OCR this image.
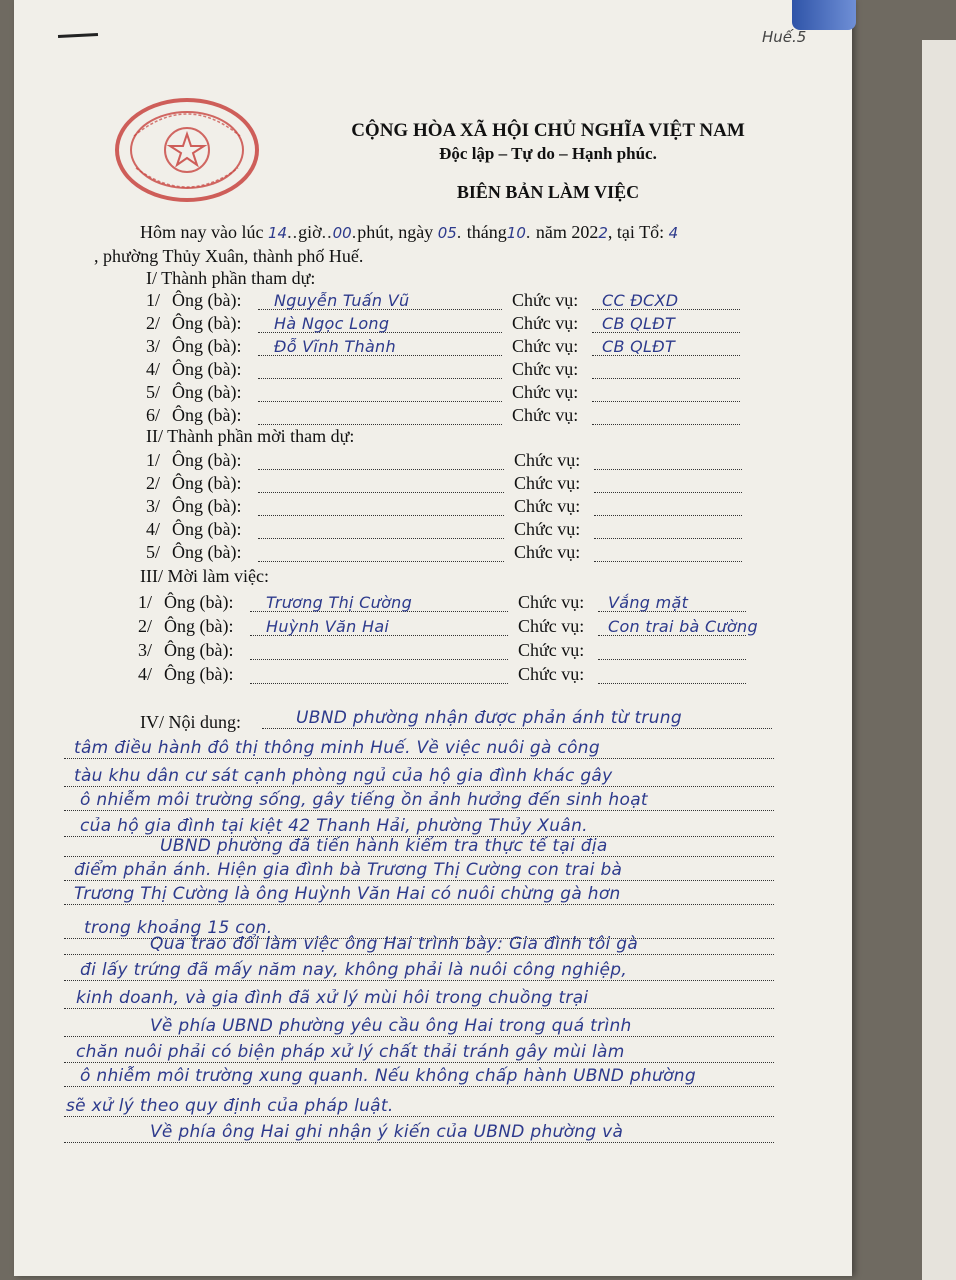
Huế.5
CỘNG HÒA XÃ HỘI CHỦ NGHĨA VIỆT NAM
Độc lập – Tự do – Hạnh phúc.
BIÊN BẢN LÀM VIỆC
Hôm nay vào lúc 14..giờ..00.phút, ngày 05. tháng10. năm 2022, tại Tổ: 4
, phường Thủy Xuân, thành phố Huế.
I/ Thành phần tham dự:
1/ Ông (bà): Nguyễn Tuấn Vũ	Chức vụ: CC ĐCXD
2/ Ông (bà): Hà Ngọc Long	Chức vụ: CB QLĐT
3/ Ông (bà): Đỗ Vĩnh Thành	Chức vụ: CB QLĐT
4/ Ông (bà):	Chức vụ:
5/ Ông (bà):	Chức vụ:
6/ Ông (bà):	Chức vụ:
II/ Thành phần mời tham dự:
1/ Ông (bà):	Chức vụ:
2/ Ông (bà):	Chức vụ:
3/ Ông (bà):	Chức vụ:
4/ Ông (bà):	Chức vụ:
5/ Ông (bà):	Chức vụ:
III/ Mời làm việc:
1/ Ông (bà): Trương Thị Cường	Chức vụ: Vắng mặt
2/ Ông (bà): Huỳnh Văn Hai	Chức vụ: Con trai bà Cường
3/ Ông (bà):	Chức vụ:
4/ Ông (bà):	Chức vụ:
IV/ Nội dung:	UBND phường nhận được phản ánh từ trung
tâm điều hành đô thị thông minh Huế. Về việc nuôi gà công
tàu khu dân cư sát cạnh phòng ngủ của hộ gia đình khác gây
ô nhiễm môi trường sống, gây tiếng ồn ảnh hưởng đến sinh hoạt
của hộ gia đình tại kiệt 42 Thanh Hải, phường Thủy Xuân.
UBND phường đã tiến hành kiểm tra thực tế tại địa
điểm phản ánh. Hiện gia đình bà Trương Thị Cường con trai bà
Trương Thị Cường là ông Huỳnh Văn Hai có nuôi chừng gà hơn
trong khoảng 15 con.
Qua trao đổi làm việc ông Hai trình bày: Gia đình tôi gà
đi lấy trứng đã mấy năm nay, không phải là nuôi công nghiệp,
kinh doanh, và gia đình đã xử lý mùi hôi trong chuồng trại
Về phía UBND phường yêu cầu ông Hai trong quá trình
chăn nuôi phải có biện pháp xử lý chất thải tránh gây mùi làm
ô nhiễm môi trường xung quanh. Nếu không chấp hành UBND phường
sẽ xử lý theo quy định của pháp luật.
Về phía ông Hai ghi nhận ý kiến của UBND phường và
